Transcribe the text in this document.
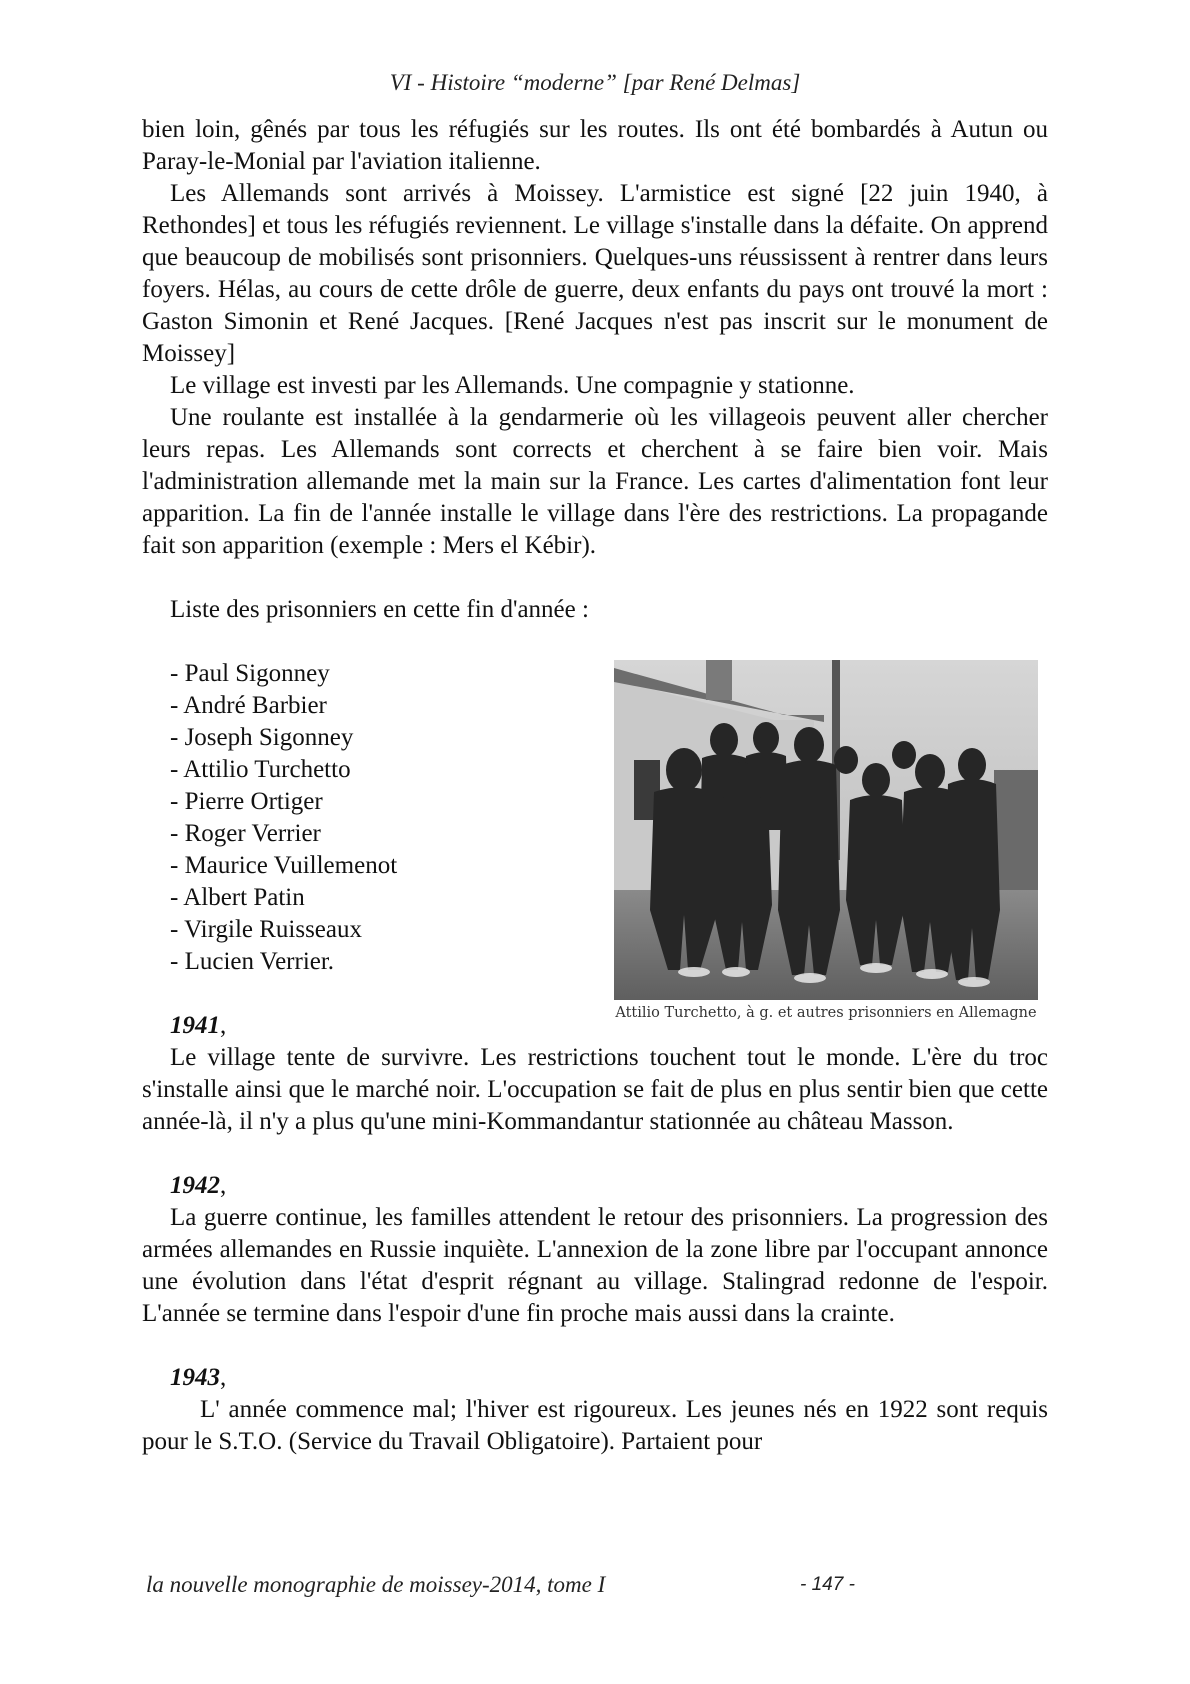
VI - Histoire “moderne” [par René Delmas]

bien loin, gênés par tous les réfugiés sur les routes. Ils ont été bombardés à Autun ou Paray-le-Monial par l'aviation italienne.

Les Allemands sont arrivés à Moissey. L'armistice est signé [22 juin 1940, à Rethondes] et tous les réfugiés reviennent. Le village s'installe dans la défaite. On apprend que beaucoup de mobilisés sont prisonniers. Quelques-uns réussissent à rentrer dans leurs foyers. Hélas, au cours de cette drôle de guerre, deux enfants du pays ont trouvé la mort : Gaston Simonin et René Jacques. [René Jacques n'est pas inscrit sur le monument de Moissey]

Le village est investi par les Allemands. Une compagnie y stationne.

Une roulante est installée à la gendarmerie où les villageois peuvent aller chercher leurs repas. Les Allemands sont corrects et cherchent à se faire bien voir. Mais l'administration allemande met la main sur la France. Les cartes d'alimentation font leur apparition. La fin de l'année installe le village dans l'ère des restrictions. La propagande fait son apparition (exemple : Mers el Kébir).

Liste des prisonniers en cette fin d'année :

Attilio Turchetto, à g. et autres prisonniers en Allemagne
- Paul Sigonney
- André Barbier
- Joseph Sigonney
- Attilio Turchetto
- Pierre Ortiger
- Roger Verrier
- Maurice Vuillemenot
- Albert Patin
- Virgile Ruisseaux
- Lucien Verrier.

1941,

Le village tente de survivre. Les restrictions touchent tout le monde. L'ère du troc s'installe ainsi que le marché noir. L'occupation se fait de plus en plus sentir bien que cette année-là, il n'y a plus qu'une mini-Kommandantur stationnée au château Masson.

1942,

La guerre continue, les familles attendent le retour des prisonniers. La progression des armées allemandes en Russie inquiète. L'annexion de la zone libre par l'occupant annonce une évolution dans l'état d'esprit régnant au village. Stalingrad redonne de l'espoir. L'année se termine dans l'espoir d'une fin proche mais aussi dans la crainte.

1943,

L' année commence mal; l'hiver est rigoureux. Les jeunes nés en 1922 sont requis pour le S.T.O. (Service du Travail Obligatoire). Partaient pour

la nouvelle monographie de moissey-2014, tome I	- 147 -
